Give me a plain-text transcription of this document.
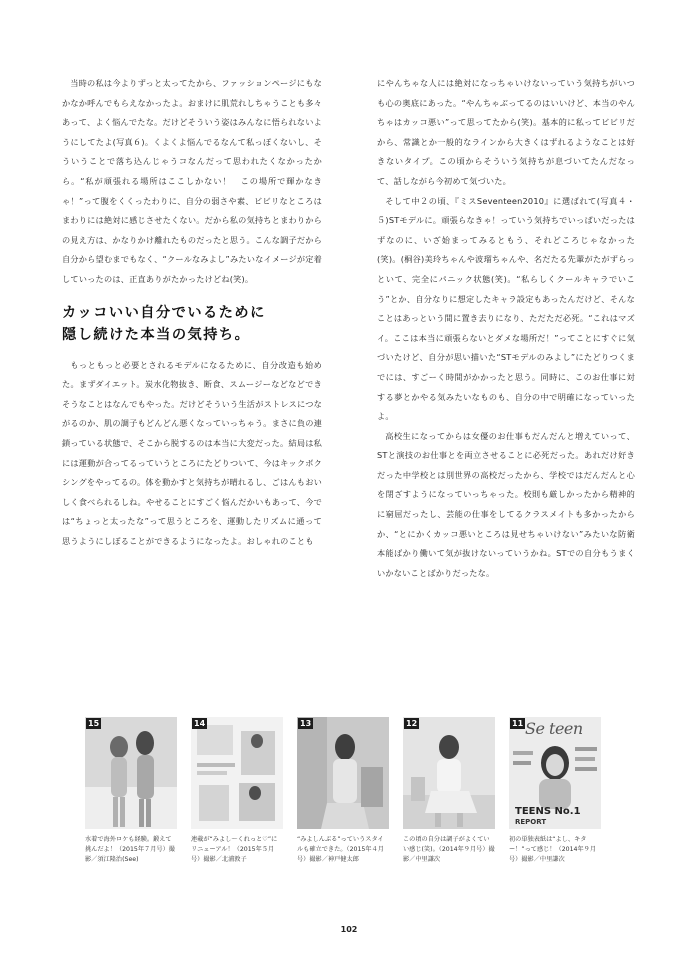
当時の私は今よりずっと太ってたから、ファッションページにもなかなか呼んでもらえなかったよ。おまけに肌荒れしちゃうことも多々あって、よく悩んでたな。だけどそういう姿はみんなに悟られないようにしてたよ(写真６)。くよくよ悩んでるなんて私っぽくないし、そういうことで落ち込んじゃうコなんだって思われたくなかったから。“私が頑張れる場所はここしかない！　この場所で輝かなきゃ！”って腹をくくったわりに、自分の弱さや素、ビビリなところはまわりには絶対に感じさせたくない。だから私の気持ちとまわりからの見え方は、かなりかけ離れたものだったと思う。こんな調子だから自分から望むまでもなく、“クールなみよし”みたいなイメージが定着していったのは、正直ありがたかったけどね(笑)。

カッコいい自分でいるために
隠し続けた本当の気持ち。

もっともっと必要とされるモデルになるために、自分改造も始めた。まずダイエット。炭水化物抜き、断食、スムージーなどなどできそうなことはなんでもやった。だけどそういう生活がストレスにつながるのか、肌の調子もどんどん悪くなっていっちゃう。まさに負の連鎖っている状態で、そこから脱するのは本当に大変だった。結局は私には運動が合ってるっていうところにたどりついて、今はキックボクシングをやってるの。体を動かすと気持ちが晴れるし、ごはんもおいしく食べられるしね。やせることにすごく悩んだかいもあって、今では“ちょっと太ったな”って思うところを、運動したリズムに通って思うようにしぼることができるようになったよ。おしゃれのことも

にやんちゃな人には絶対になっちゃいけないっていう気持ちがいつも心の奥底にあった。“やんちゃぶってるのはいいけど、本当のやんちゃはカッコ悪い”って思ってたから(笑)。基本的に私ってビビリだから、常識とか一般的なラインから大きくはずれるようなことは好きないタイプ。この頃からそういう気持ちが息づいてたんだなって、話しながら今初めて気づいた。

そして中２の頃、『ミスSeventeen2010』に選ばれて(写真４・５)STモデルに。頑張らなきゃ！っていう気持ちでいっぱいだったはずなのに、いざ始まってみるともう、それどころじゃなかった(笑)。(桐谷)美玲ちゃんや波瑠ちゃんや、名だたる先輩がたがずらっといて、完全にパニック状態(笑)。“私らしくクールキャラでいこう”とか、自分なりに想定したキャラ設定もあったんだけど、そんなことはあっという間に置き去りになり、ただただ必死。“これはマズイ。ここは本当に頑張らないとダメな場所だ！”ってことにすぐに気づいたけど、自分が思い描いた“STモデルのみよし”にたどりつくまでには、すごーく時間がかかったと思う。同時に、このお仕事に対する夢とかやる気みたいなものも、自分の中で明確になっていったよ。

高校生になってからは女優のお仕事もだんだんと増えていって、STと演技のお仕事とを両立させることに必死だった。あれだけ好きだった中学校とは別世界の高校だったから、学校ではだんだんと心を閉ざすようになっていっちゃった。校則も厳しかったから精神的に窮屈だったし、芸能の仕事をしてるクラスメイトも多かったからか、“とにかくカッコ悪いところは見せちゃいけない”みたいな防衛本能ばかり働いて気が抜けないっていうかね。STでの自分もうまくいかないことばかりだったな。

15
水着で海外ロケも経験。鍛えて挑んだよ！（2015年７月号）撮影／須江隆治(See)
14
連載が“みよし～くれっと♡”にリニューアル！（2015年５月号）撮影／北浦敦子
13
“みよしんぶる”っていうスタイルも確立できた。（2015年４月号）撮影／神戸健太郎
12
この頃の自分は調子がよくていい感じ(笑)。（2014年９月号）撮影／中里謙次
Se teen
TEENS No.1
REPORT
11
初の単独表紙は“よし、キター！”って感じ！（2014年９月号）撮影／中里謙次
102
